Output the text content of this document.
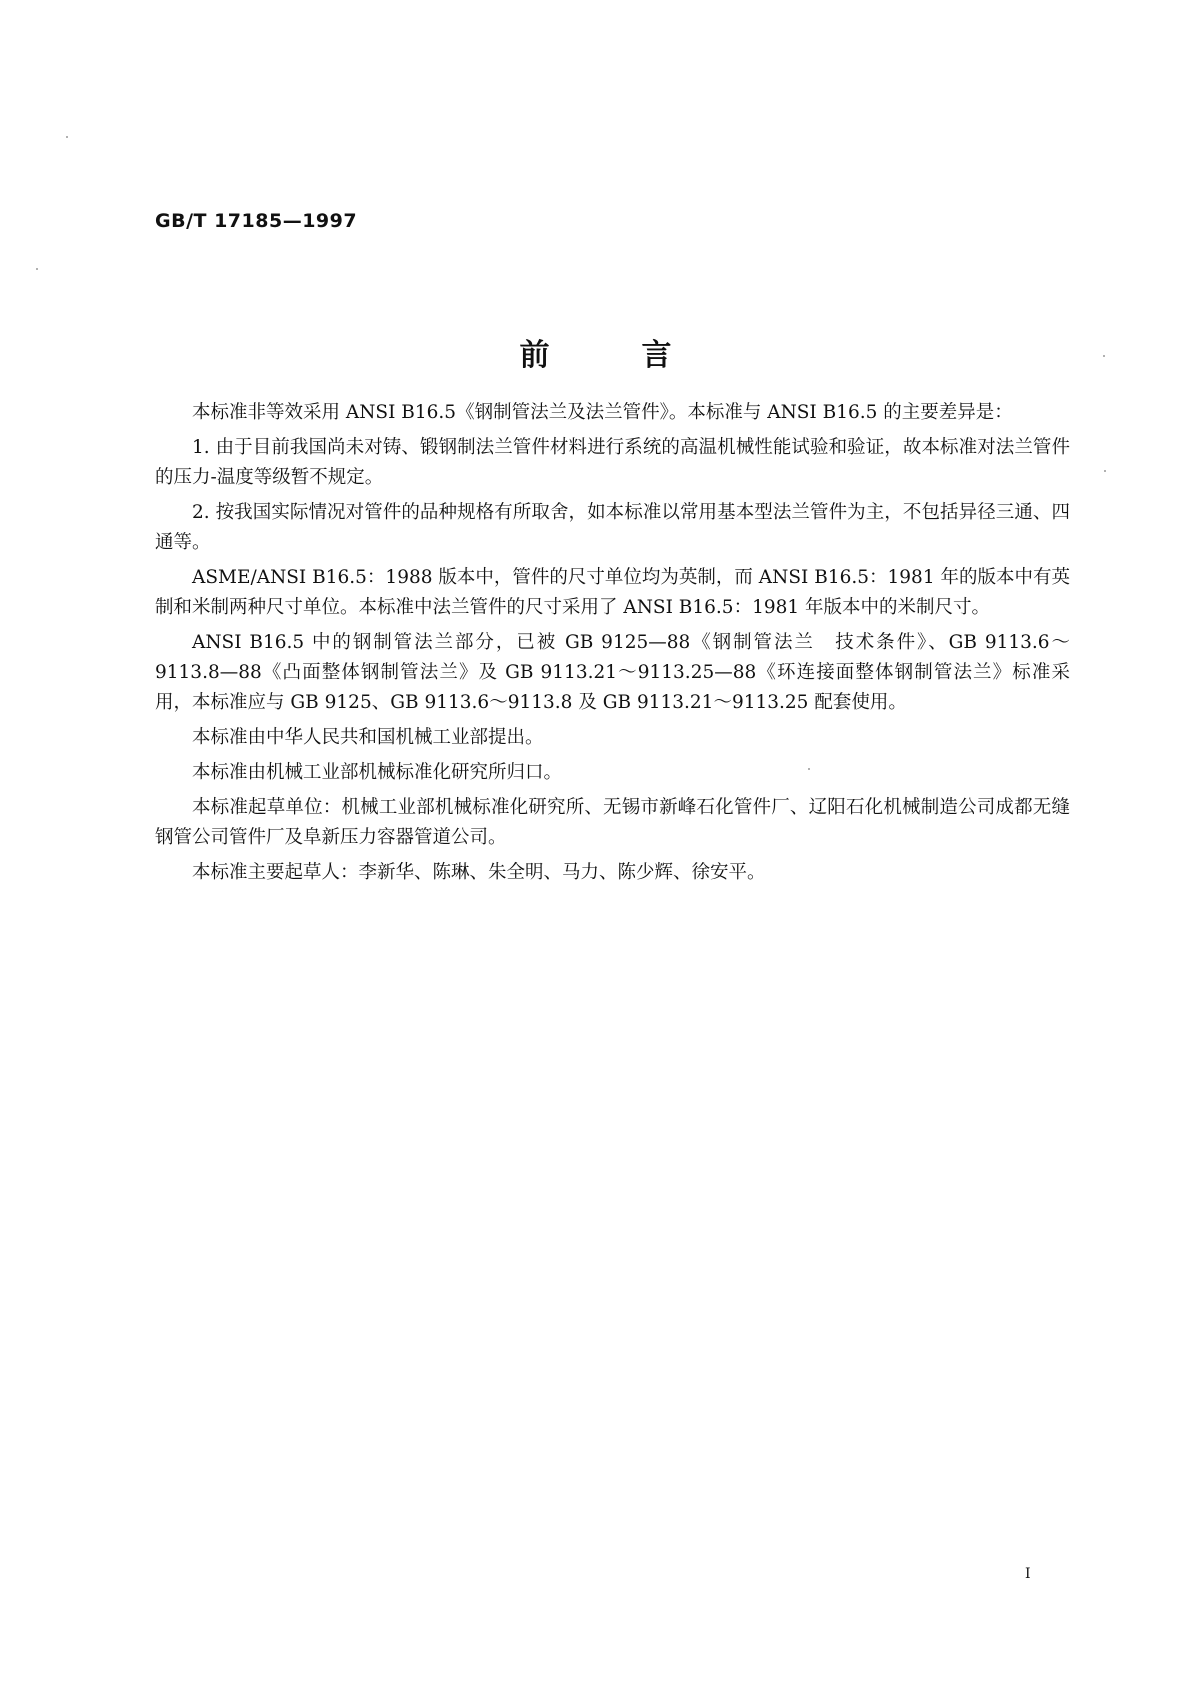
GB/T 17185—1997
前言

本标准非等效采用 ANSI B16.5《钢制管法兰及法兰管件》。本标准与 ANSI B16.5 的主要差异是：

1. 由于目前我国尚未对铸、锻钢制法兰管件材料进行系统的高温机械性能试验和验证，故本标准对法兰管件的压力-温度等级暂不规定。

2. 按我国实际情况对管件的品种规格有所取舍，如本标准以常用基本型法兰管件为主，不包括异径三通、四通等。

ASME/ANSI B16.5：1988 版本中，管件的尺寸单位均为英制，而 ANSI B16.5：1981 年的版本中有英制和米制两种尺寸单位。本标准中法兰管件的尺寸采用了 ANSI B16.5：1981 年版本中的米制尺寸。

ANSI B16.5 中的钢制管法兰部分，已被 GB 9125—88《钢制管法兰　技术条件》、GB 9113.6～9113.8—88《凸面整体钢制管法兰》及 GB 9113.21～9113.25—88《环连接面整体钢制管法兰》标准采用，本标准应与 GB 9125、GB 9113.6～9113.8 及 GB 9113.21～9113.25 配套使用。

本标准由中华人民共和国机械工业部提出。

本标准由机械工业部机械标准化研究所归口。

本标准起草单位：机械工业部机械标准化研究所、无锡市新峰石化管件厂、辽阳石化机械制造公司成都无缝钢管公司管件厂及阜新压力容器管道公司。

本标准主要起草人：李新华、陈琳、朱全明、马力、陈少辉、徐安平。

I
